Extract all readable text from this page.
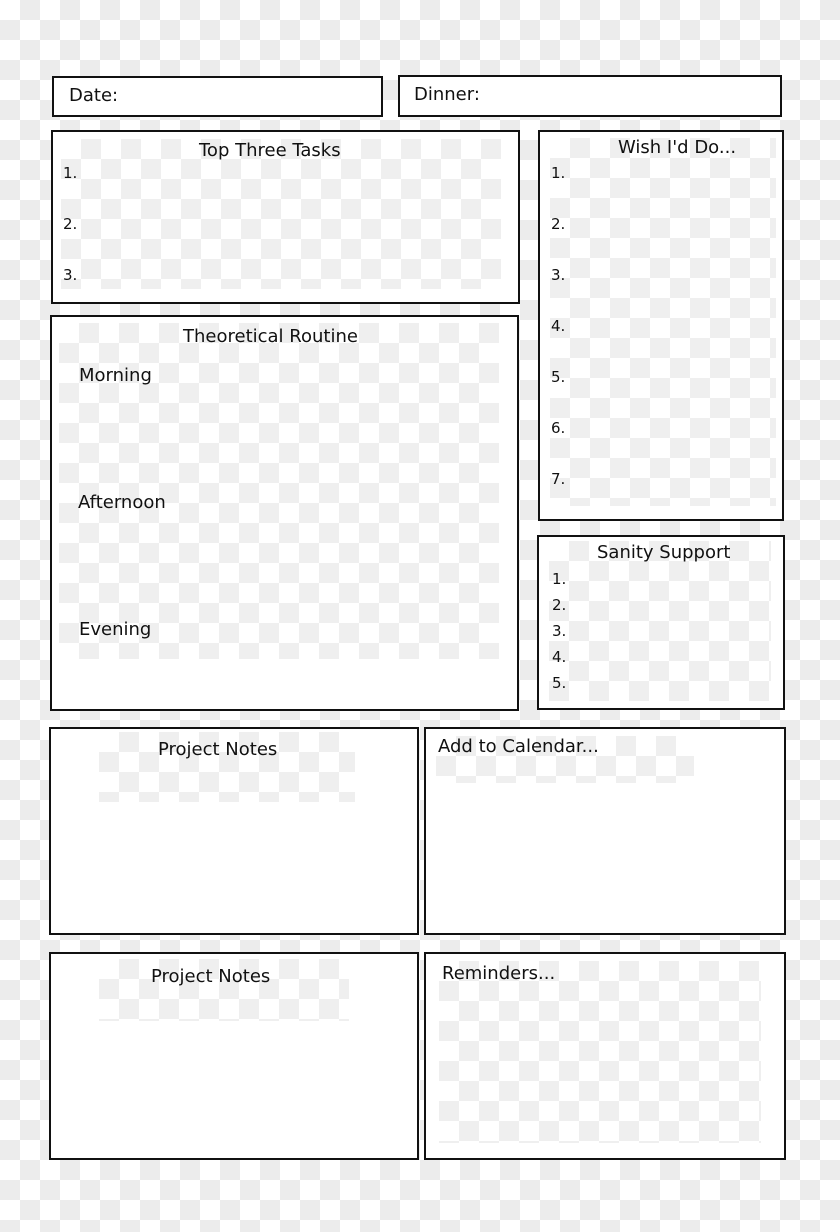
Date:	Dinner:
Top Three Tasks
1.
2.
3.
Wish I'd Do...
1.
2.
3.
4.
5.
6.
7.
Theoretical Routine
Morning
Afternoon
Evening
Sanity Support
1.
2.
3.
4.
5.
Project Notes	Add to Calendar...
Project Notes	Reminders...
